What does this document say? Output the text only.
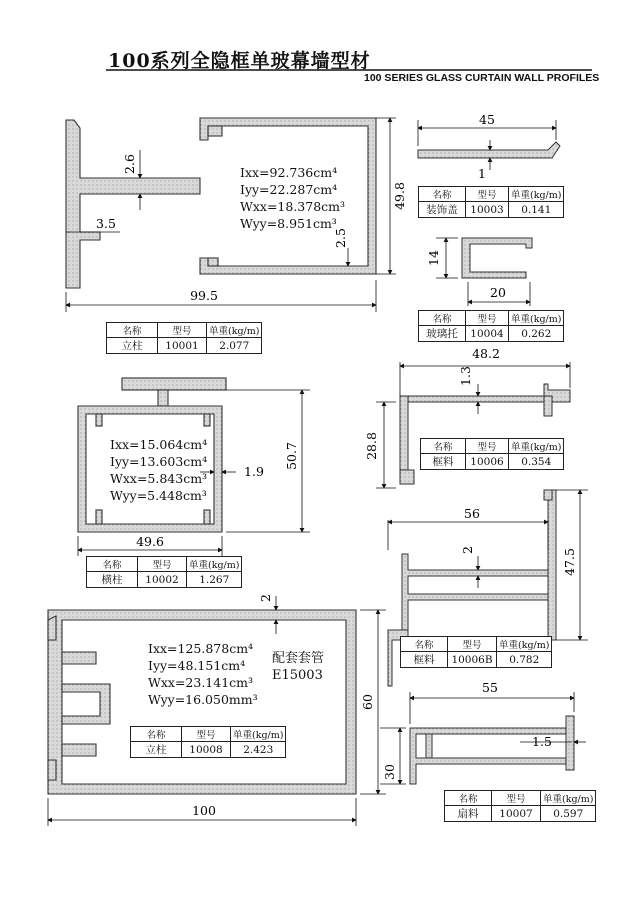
100系列全隐框单玻幕墙型材
100 SERIES GLASS CURTAIN WALL PROFILES
99.5
49.8
2.6
3.5
2.5
45
1
14
20
50.7
49.6
1.9
48.2
1.3
28.8
56
2	47.5
2
60
100
55
1.5
30
Ixx=92.736cm⁴
Iyy=22.287cm⁴
Wxx=18.378cm³
Wyy=8.951cm³
Ixx=15.064cm⁴
Iyy=13.603cm⁴
Wxx=5.843cm³
Wyy=5.448cm³
Ixx=125.878cm⁴
Iyy=48.151cm⁴
Wxx=23.141cm³
Wyy=16.050mm³
配套套管
E15003
名称	型号	单重(kg/m)
装饰盖	10003	0.141
名称	型号	单重(kg/m)
玻璃托	10004	0.262
名称	型号	单重(kg/m)
立柱	10001	2.077
名称	型号	单重(kg/m)
框料	10006	0.354
名称	型号	单重(kg/m)
横柱	10002	1.267
名称	型号	单重(kg/m)
框料	10006B	0.782
名称	型号	单重(kg/m)
立柱	10008	2.423
名称	型号	单重(kg/m)
扇料	10007	0.597
